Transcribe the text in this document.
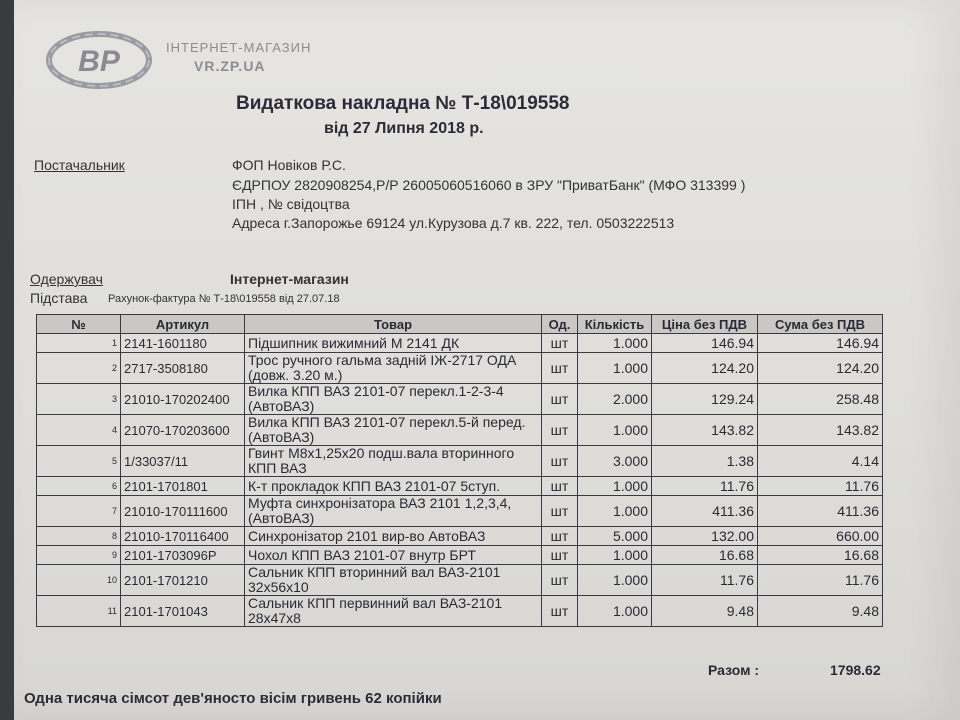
BP	ІНТЕРНЕТ-МАГАЗИН
VR.ZP.UA
Видаткова накладна № Т-18\019558
від 27 Липня 2018 р.
Постачальник	ФОП Новіков Р.С.
ЄДРПОУ 2820908254,Р/Р 26005060516060 в ЗРУ "ПриватБанк" (МФО 313399 )
ІПН , № свідоцтва
Адреса г.Запорожье 69124 ул.Курузова д.7 кв. 222, тел. 0503222513
Одержувач	Інтернет-магазин
Підстава Рахунок-фактура № Т-18\019558 від 27.07.18
№	Артикул	Товар	Од.	Кількість	Ціна без ПДВ	Сума без ПДВ
1	2141-1601180	Підшипник вижимний М 2141 ДК	шт	1.000	146.94	146.94
2	2717-3508180	Трос ручного гальма задній ІЖ-2717 ОДА (довж. 3.20 м.)	шт	1.000	124.20	124.20
3	21010-170202400	Вилка КПП ВАЗ 2101-07 перекл.1-2-3-4 (АвтоВАЗ)	шт	2.000	129.24	258.48
4	21070-170203600	Вилка КПП ВАЗ 2101-07 перекл.5-й перед. (АвтоВАЗ)	шт	1.000	143.82	143.82
5	1/33037/11	Гвинт М8х1,25х20 подш.вала вторинного КПП ВАЗ	шт	3.000	1.38	4.14
6	2101-1701801	К-т прокладок КПП ВАЗ 2101-07 5ступ.	шт	1.000	11.76	11.76
7	21010-170111600	Муфта синхронізатора ВАЗ 2101 1,2,3,4, (АвтоВАЗ)	шт	1.000	411.36	411.36
8	21010-170116400	Синхронізатор 2101 вир-во АвтоВАЗ	шт	5.000	132.00	660.00
9	2101-1703096Р	Чохол КПП ВАЗ 2101-07 внутр БРТ	шт	1.000	16.68	16.68
10	2101-1701210	Сальник КПП вторинний вал ВАЗ-2101 32х56х10	шт	1.000	11.76	11.76
11	2101-1701043	Сальник КПП первинний вал ВАЗ-2101 28х47х8	шт	1.000	9.48	9.48
Разом :	1798.62
Одна тисяча сімсот дев'яносто вісім гривень 62 копійки
